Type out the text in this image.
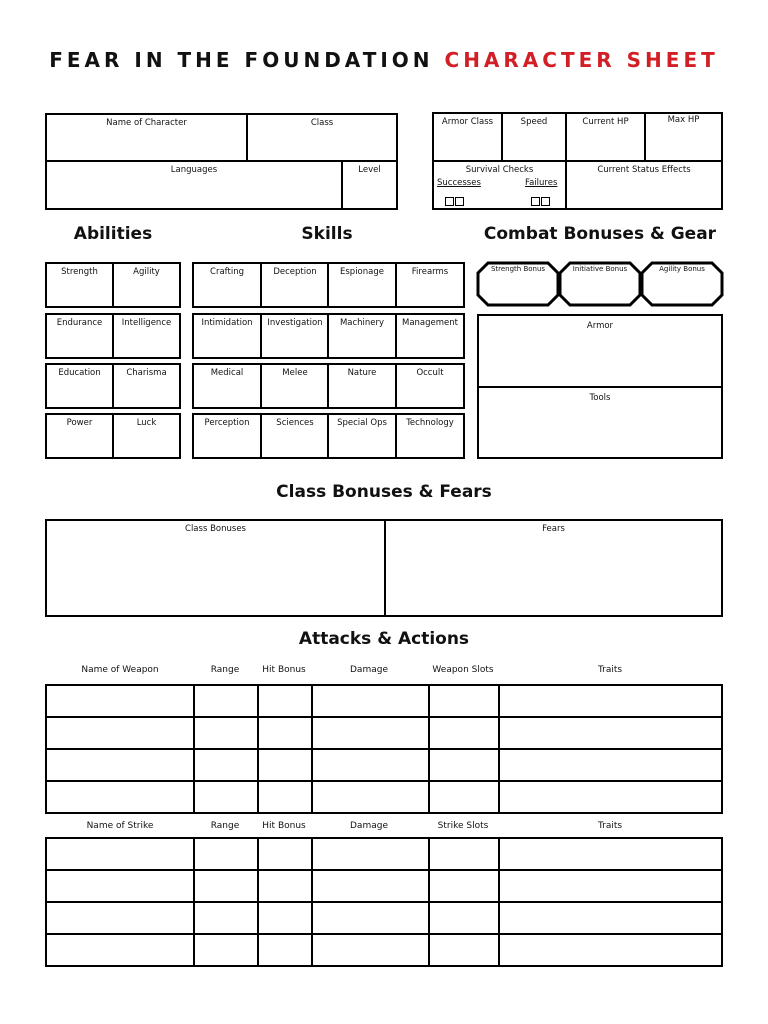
FEAR IN THE FOUNDATION CHARACTER SHEET
Name of Character	Class
Languages	Level
Armor Class	Speed	Current HP	Max HP
Survival Checks
Successes	Failures
Current Status Effects
Abilities	Skills	Combat Bonuses & Gear
Strength	Agility
Endurance	Intelligence
Education	Charisma
Power	Luck
Crafting	Deception	Espionage	Firearms
Intimidation	Investigation	Machinery	Management
Medical	Melee	Nature	Occult
Perception	Sciences	Special Ops	Technology
Strength Bonus	Initiative Bonus	Agility Bonus
Armor
Tools
Class Bonuses & Fears
Class Bonuses	Fears
Attacks & Actions
Name of Weapon	Range	Hit Bonus	Damage	Weapon Slots	Traits
Name of Strike	Range	Hit Bonus	Damage	Strike Slots	Traits
